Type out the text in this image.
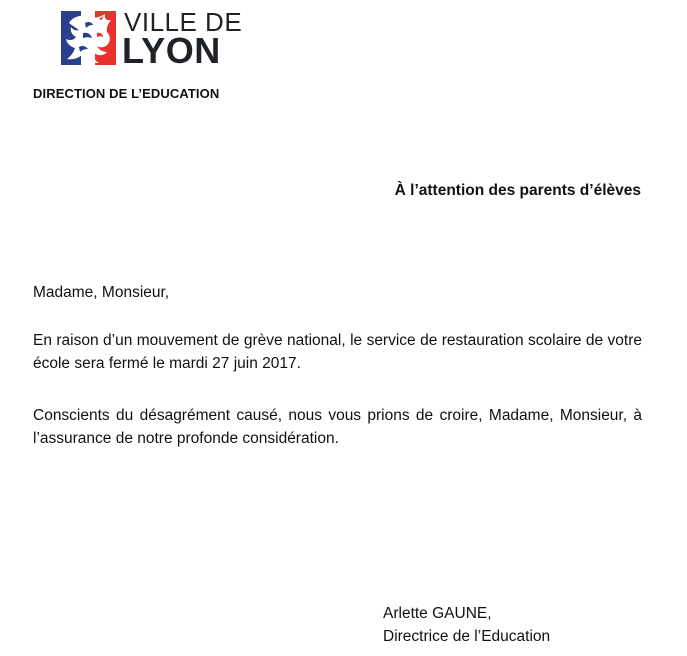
VILLE DE
LYON
DIRECTION DE L’EDUCATION
À l’attention des parents d’élèves
Madame, Monsieur,
En raison d’un mouvement de grève national, le service de restauration scolaire de votre école sera fermé le mardi 27 juin 2017.
Conscients du désagrément causé, nous vous prions de croire, Madame, Monsieur, à l’assurance de notre profonde considération.
Arlette GAUNE,
Directrice de l’Education
